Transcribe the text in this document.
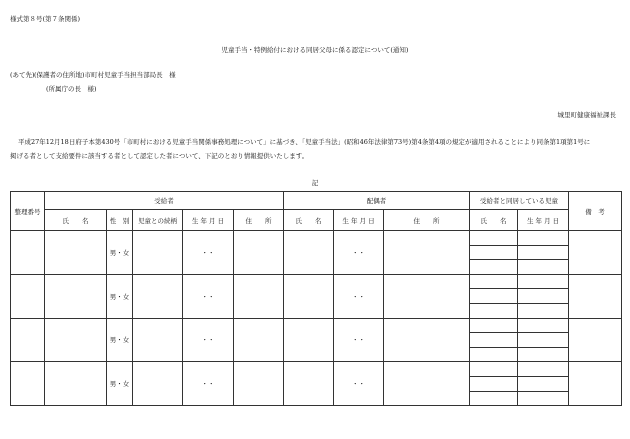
様式第８号(第７条関係)
児童手当・特例給付における同居父母に係る認定について(通知)
(あて先) (保護者の住所地)市町村児童手当担当部局長　様
(所属庁の長　様)
城里町健康福祉課長
平成27年12月18日府子本第430号「市町村における児童手当関係事務処理について」に基づき、「児童手当法」(昭和46年法律第73号)第4条第4項の規定が適用されることにより同条第1項第1号に
掲げる者として支給要件に該当する者として認定した者について、下記のとおり情報提供いたします。
記
整理番号	受給者					配偶者			受給者と同居している児童		備　考
	氏　　名	性　別	児童との続柄	生 年 月 日	住　　所	氏　　名	生 年 月 日	住　　所	氏　　名	生 年 月 日	
		男・女		・・			・・				

		男・女		・・			・・				

		男・女		・・			・・				

		男・女		・・			・・				
